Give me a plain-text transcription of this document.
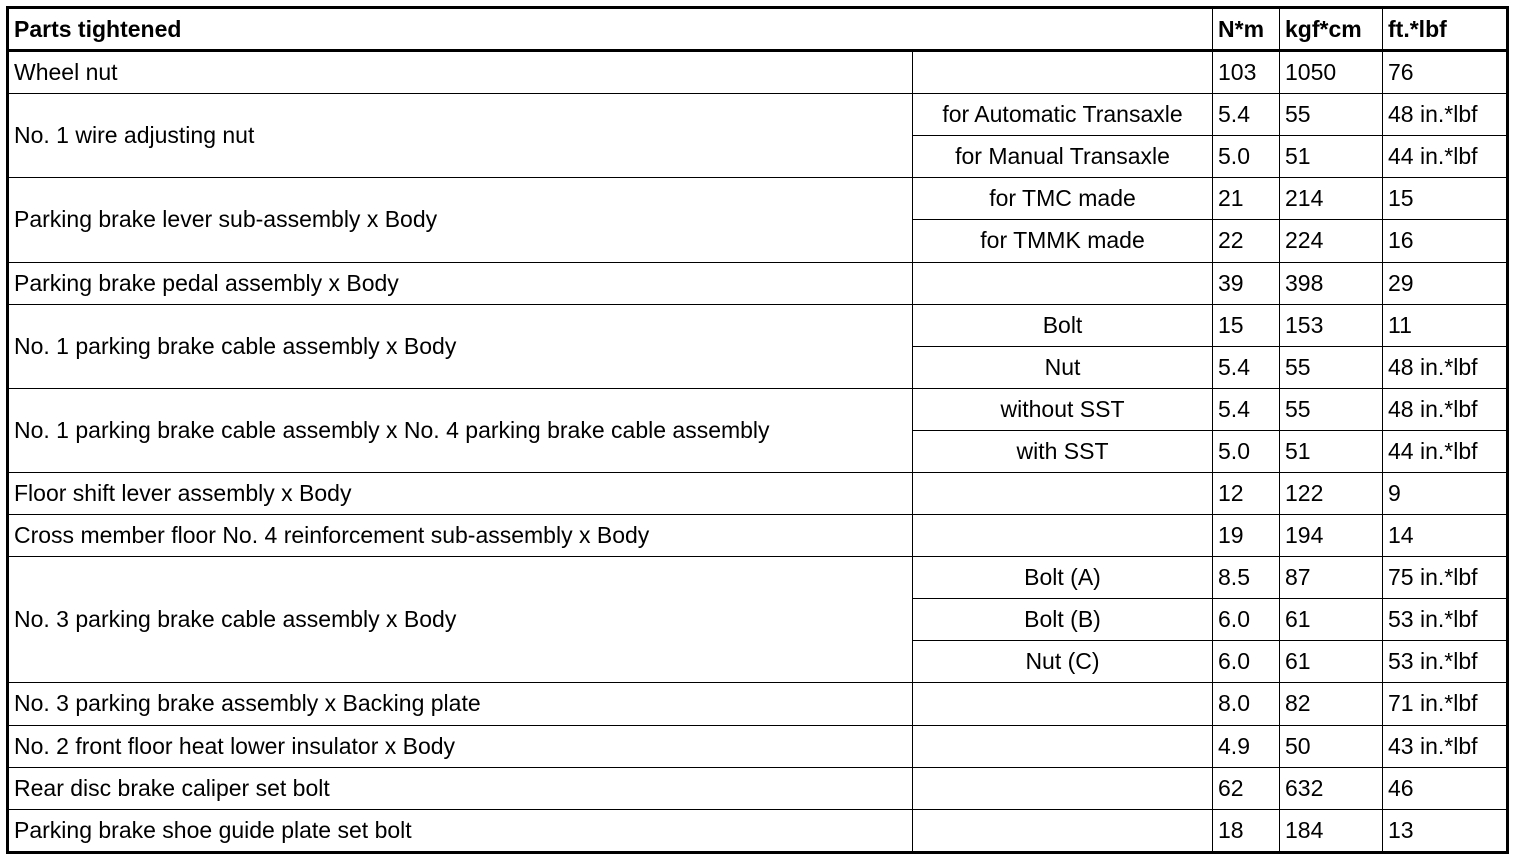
Parts tightened		N*m	kgf*cm	ft.*lbf
Wheel nut		103	1050	76
No. 1 wire adjusting nut	for Automatic Transaxle	5.4	55	48 in.*lbf
	for Manual Transaxle	5.0	51	44 in.*lbf
Parking brake lever sub-assembly x Body	for TMC made	21	214	15
	for TMMK made	22	224	16
Parking brake pedal assembly x Body		39	398	29
No. 1 parking brake cable assembly x Body	Bolt	15	153	11
	Nut	5.4	55	48 in.*lbf
No. 1 parking brake cable assembly x No. 4 parking brake cable assembly	without SST	5.4	55	48 in.*lbf
	with SST	5.0	51	44 in.*lbf
Floor shift lever assembly x Body		12	122	9
Cross member floor No. 4 reinforcement sub-assembly x Body		19	194	14
No. 3 parking brake cable assembly x Body	Bolt (A)	8.5	87	75 in.*lbf
	Bolt (B)	6.0	61	53 in.*lbf
	Nut (C)	6.0	61	53 in.*lbf
No. 3 parking brake assembly x Backing plate		8.0	82	71 in.*lbf
No. 2 front floor heat lower insulator x Body		4.9	50	43 in.*lbf
Rear disc brake caliper set bolt		62	632	46
Parking brake shoe guide plate set bolt		18	184	13
